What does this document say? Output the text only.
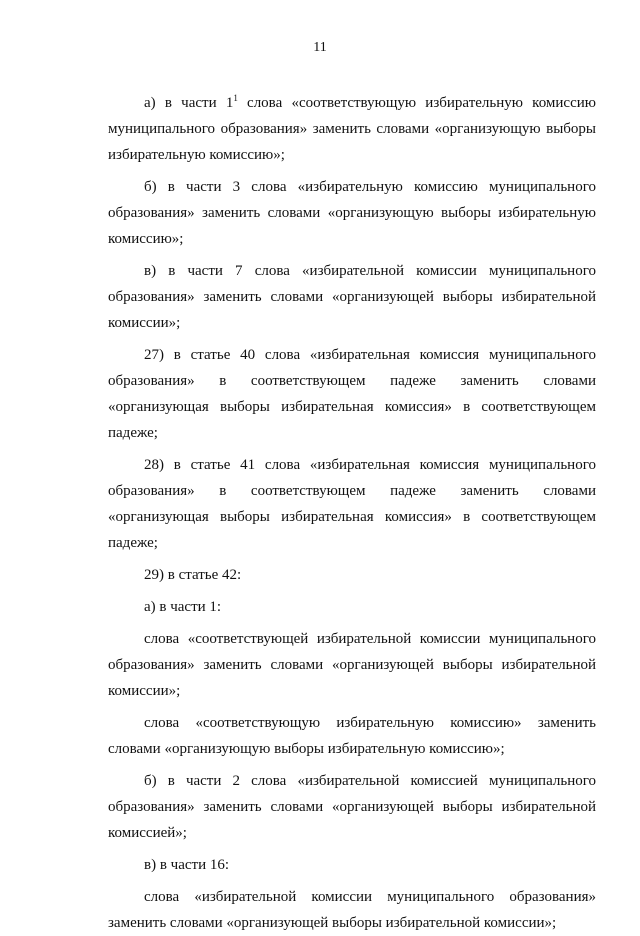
11

а) в части $1^1$ слова «соответствующую избирательную комиссию муниципального образования» заменить словами «организующую выборы избирательную комиссию»;

б) в части 3 слова «избирательную комиссию муниципального образования» заменить словами «организующую выборы избирательную комиссию»;

в) в части 7 слова «избирательной комиссии муниципального образования» заменить словами «организующей выборы избирательной комиссии»;

27) в статье 40 слова «избирательная комиссия муниципального образования» в соответствующем падеже заменить словами «организующая выборы избирательная комиссия» в соответствующем падеже;

28) в статье 41 слова «избирательная комиссия муниципального образования» в соответствующем падеже заменить словами «организующая выборы избирательная комиссия» в соответствующем падеже;

29) в статье 42:

а) в части 1:

слова «соответствующей избирательной комиссии муниципального образования» заменить словами «организующей выборы избирательной комиссии»;

слова «соответствующую избирательную комиссию» заменить словами «организующую выборы избирательную комиссию»;

б) в части 2 слова «избирательной комиссией муниципального образования» заменить словами «организующей выборы избирательной комиссией»;

в) в части 16:

слова «избирательной комиссии муниципального образования» заменить словами «организующей выборы избирательной комиссии»;
